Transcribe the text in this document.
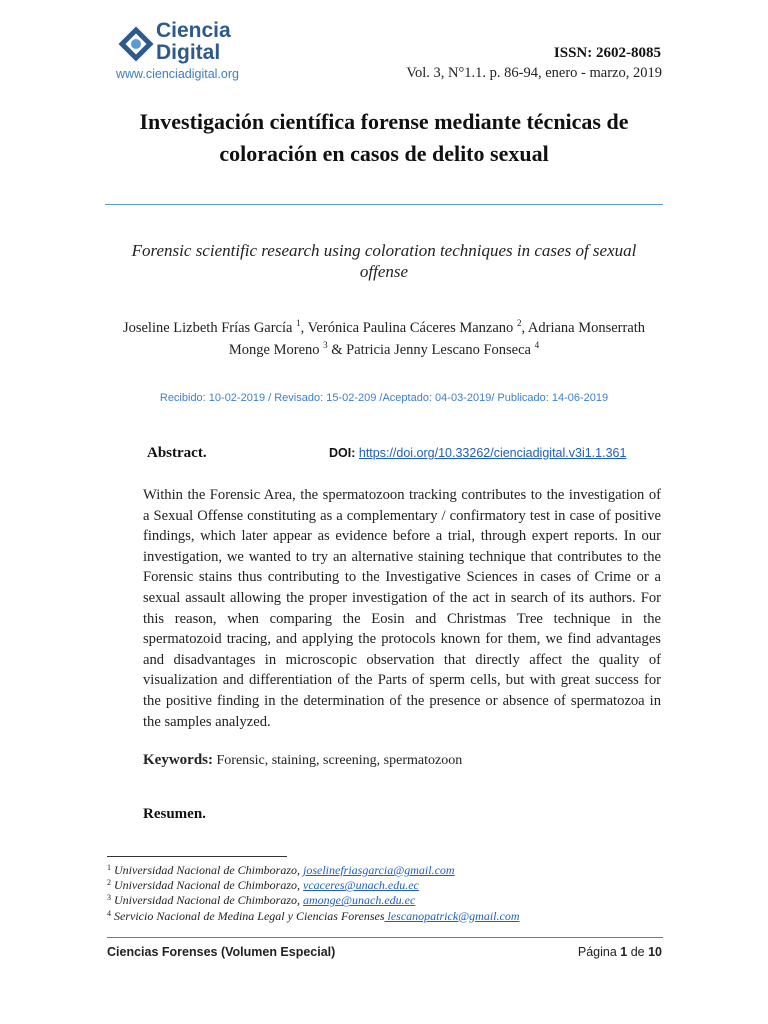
Ciencia
Digital
www.cienciadigital.org
ISSN: 2602-8085
Vol. 3, N°1.1. p. 86-94, enero - marzo, 2019
Investigación científica forense mediante técnicas de
coloración en casos de delito sexual
Forensic scientific research using coloration techniques in cases of sexual
offense
Joseline Lizbeth Frías García $^1$, Verónica Paulina Cáceres Manzano $^2$, Adriana Monserrath
Monge Moreno $^3$ & Patricia Jenny Lescano Fonseca $^4$
Recibido: 10-02-2019 / Revisado: 15-02-209 /Aceptado: 04-03-2019/ Publicado: 14-06-2019
Abstract.	DOI: https://doi.org/10.33262/cienciadigital.v3i1.1.361
Within the Forensic Area, the spermatozoon tracking contributes to the investigation of a Sexual Offense constituting as a complementary / confirmatory test in case of positive findings, which later appear as evidence before a trial, through expert reports. In our investigation, we wanted to try an alternative staining technique that contributes to the Forensic stains thus contributing to the Investigative Sciences in cases of Crime or a sexual assault allowing the proper investigation of the act in search of its authors. For this reason, when comparing the Eosin and Christmas Tree technique in the spermatozoid tracing, and applying the protocols known for them, we find advantages and disadvantages in microscopic observation that directly affect the quality of visualization and differentiation of the Parts of sperm cells, but with great success for the positive finding in the determination of the presence or absence of spermatozoa in the samples analyzed.
Keywords: Forensic, staining, screening, spermatozoon
Resumen.
$^1$ Universidad Nacional de Chimborazo, joselinefriasgarcia@gmail.com
$^2$ Universidad Nacional de Chimborazo, vcaceres@unach.edu.ec
$^3$ Universidad Nacional de Chimborazo, amonge@unach.edu.ec
$^4$ Servicio Nacional de Medina Legal y Ciencias Forenses lescanopatrick@gmail.com
Ciencias Forenses (Volumen Especial)	Página 1 de 10
